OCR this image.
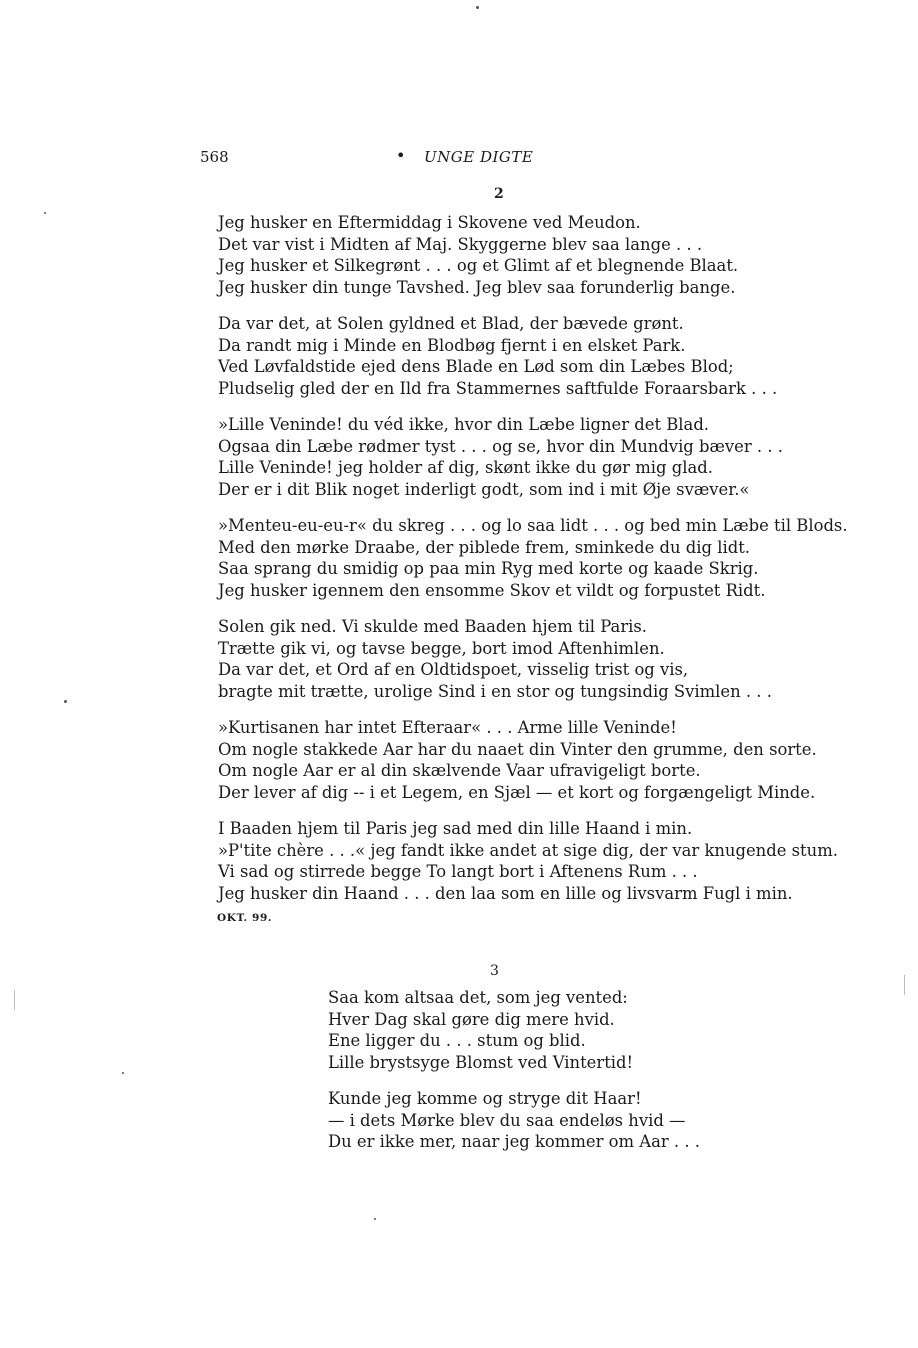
568	• UNGE DIGTE
2
Jeg husker en Eftermiddag i Skovene ved Meudon.
Det var vist i Midten af Maj. Skyggerne blev saa lange . . .
Jeg husker et Silkegrønt . . . og et Glimt af et blegnende Blaat.
Jeg husker din tunge Tavshed. Jeg blev saa forunderlig bange.
Da var det, at Solen gyldned et Blad, der bævede grønt.
Da randt mig i Minde en Blodbøg fjernt i en elsket Park.
Ved Løvfaldstide ejed dens Blade en Lød som din Læbes Blod;
Pludselig gled der en Ild fra Stammernes saftfulde Foraarsbark . . .
»Lille Veninde! du véd ikke, hvor din Læbe ligner det Blad.
Ogsaa din Læbe rødmer tyst . . . og se, hvor din Mundvig bæver . . .
Lille Veninde! jeg holder af dig, skønt ikke du gør mig glad.
Der er i dit Blik noget inderligt godt, som ind i mit Øje svæver.«
»Menteu-eu-eu-r« du skreg . . . og lo saa lidt . . . og bed min Læbe til Blods.
Med den mørke Draabe, der piblede frem, sminkede du dig lidt.
Saa sprang du smidig op paa min Ryg med korte og kaade Skrig.
Jeg husker igennem den ensomme Skov et vildt og forpustet Ridt.
Solen gik ned. Vi skulde med Baaden hjem til Paris.
Trætte gik vi, og tavse begge, bort imod Aftenhimlen.
Da var det, et Ord af en Oldtidspoet, visselig trist og vis,
bragte mit trætte, urolige Sind i en stor og tungsindig Svimlen . . .
»Kurtisanen har intet Efteraar« . . . Arme lille Veninde!
Om nogle stakkede Aar har du naaet din Vinter den grumme, den sorte.
Om nogle Aar er al din skælvende Vaar ufravigeligt borte.
Der lever af dig -- i et Legem, en Sjæl — et kort og forgængeligt Minde.
I Baaden hjem til Paris jeg sad med din lille Haand i min.
»P'tite chère . . .« jeg fandt ikke andet at sige dig, der var knugende stum.
Vi sad og stirrede begge To langt bort i Aftenens Rum . . .
Jeg husker din Haand . . . den laa som en lille og livsvarm Fugl i min.
OKT. 99.
3
Saa kom altsaa det, som jeg vented:
Hver Dag skal gøre dig mere hvid.
Ene ligger du . . . stum og blid.
Lille brystsyge Blomst ved Vintertid!
Kunde jeg komme og stryge dit Haar!
— i dets Mørke blev du saa endeløs hvid —
Du er ikke mer, naar jeg kommer om Aar . . .
